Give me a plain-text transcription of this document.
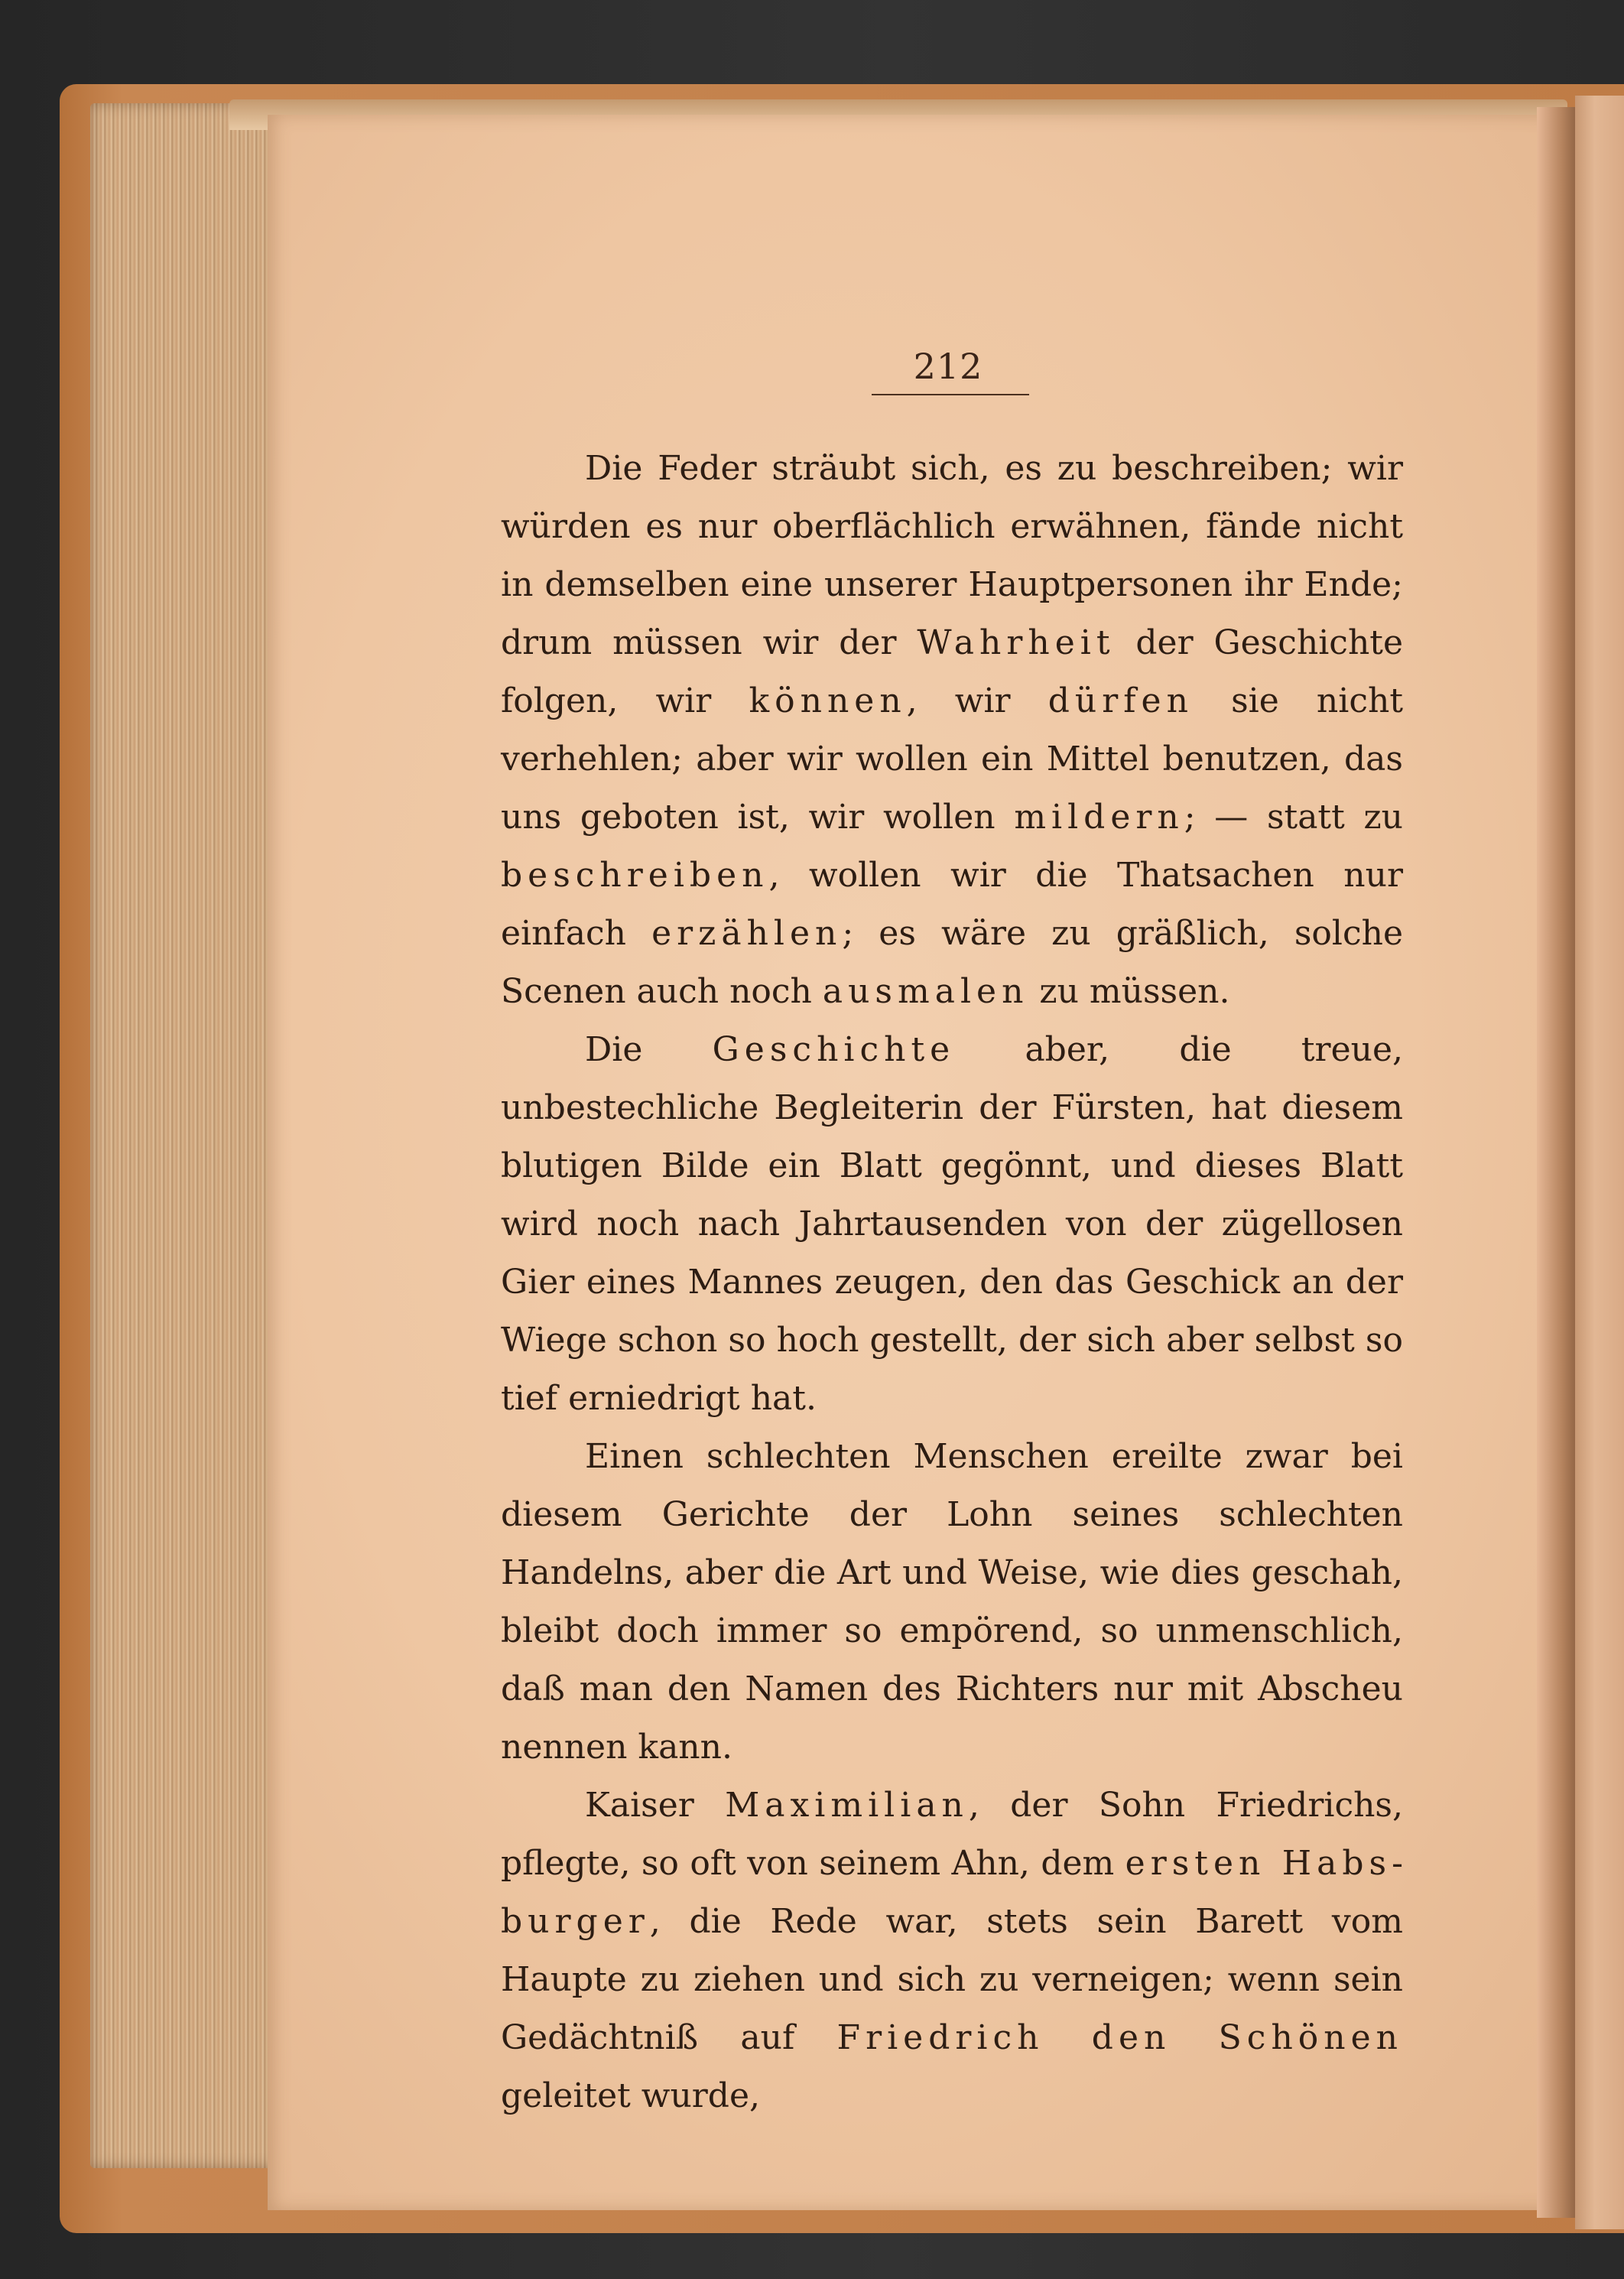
212

Die Feder sträubt sich, es zu beschreiben; wir würden es nur oberflächlich erwähnen, fände nicht in demselben eine unserer Hauptpersonen ihr Ende; drum müssen wir der Wahrheit der Geschichte folgen, wir können, wir dürfen sie nicht verhehlen; aber wir wollen ein Mittel benutzen, das uns geboten ist, wir wollen mildern; — statt zu beschreiben, wollen wir die Thatsachen nur einfach erzählen; es wäre zu gräßlich, solche Scenen auch noch ausmalen zu müssen.

Die Geschichte aber, die treue, unbestechliche Begleiterin der Fürsten, hat diesem blutigen Bilde ein Blatt gegönnt, und dieses Blatt wird noch nach Jahrtausenden von der zügellosen Gier eines Mannes zeugen, den das Geschick an der Wiege schon so hoch gestellt, der sich aber selbst so tief erniedrigt hat.

Einen schlechten Menschen ereilte zwar bei diesem Gerichte der Lohn seines schlechten Handelns, aber die Art und Weise, wie dies geschah, bleibt doch immer so empörend, so unmenschlich, daß man den Namen des Richters nur mit Abscheu nennen kann.

Kaiser Maximilian, der Sohn Friedrichs, pflegte, so oft von seinem Ahn, dem ersten Habsburger, die Rede war, stets sein Barett vom Haupte zu ziehen und sich zu verneigen; wenn sein Gedächtniß auf Friedrich den Schönen geleitet wurde,
